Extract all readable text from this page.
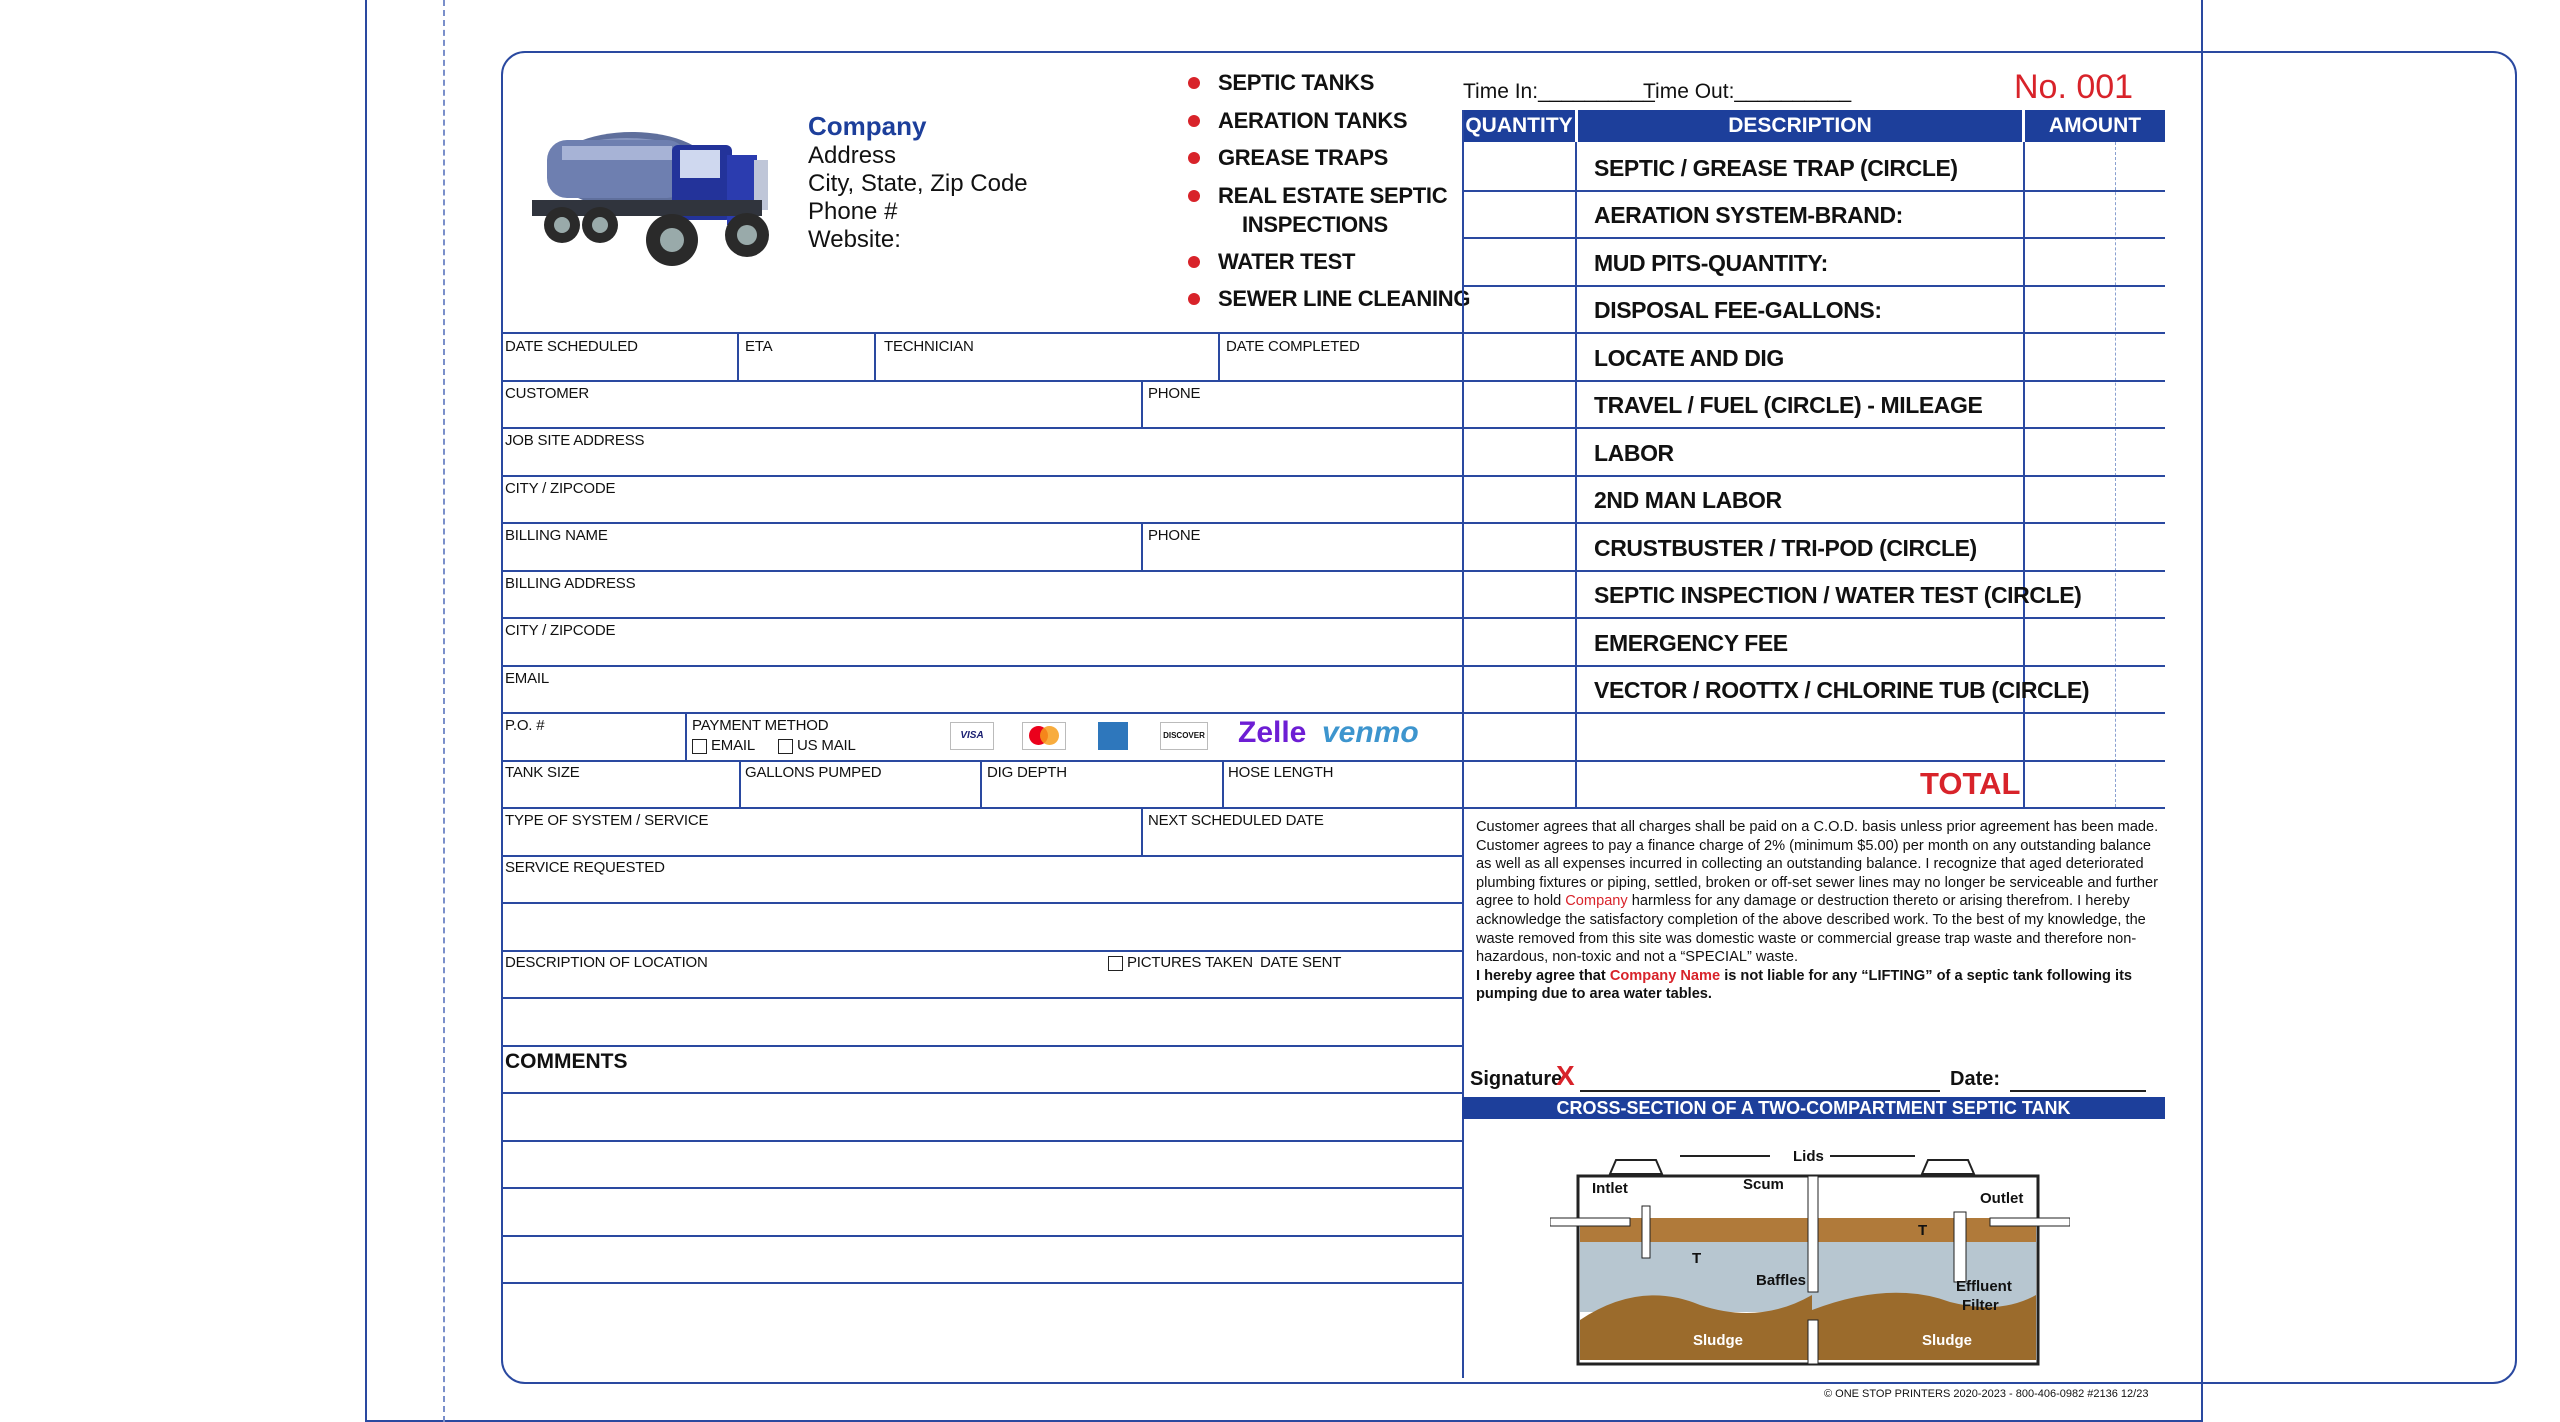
Company
Address
City, State, Zip Code
Phone #
Website:
SEPTIC TANKS
AERATION TANKS
GREASE TRAPS
REAL ESTATE SEPTIC
INSPECTIONS
WATER TEST
SEWER LINE CLEANING
Time In:__________
Time Out:__________	No. 001
QUANTITY	DESCRIPTION	AMOUNT
SEPTIC / GREASE TRAP (CIRCLE)
AERATION SYSTEM-BRAND:
MUD PITS-QUANTITY:
DISPOSAL FEE-GALLONS:
LOCATE AND DIG
TRAVEL / FUEL (CIRCLE) - MILEAGE
LABOR
2ND MAN LABOR
CRUSTBUSTER / TRI-POD (CIRCLE)
SEPTIC INSPECTION / WATER TEST (CIRCLE)
EMERGENCY FEE
VECTOR / ROOTTX / CHLORINE TUB (CIRCLE)
TOTAL
DATE SCHEDULED	ETA	TECHNICIAN	DATE COMPLETED
CUSTOMER	PHONE
JOB SITE ADDRESS
CITY / ZIPCODE
BILLING NAME	PHONE
BILLING ADDRESS
CITY / ZIPCODE
EMAIL
P.O. #	PAYMENT METHOD
EMAIL	US MAIL
VISA	DISCOVER Zelle venmo
TANK SIZE	GALLONS PUMPED	DIG DEPTH	HOSE LENGTH
TYPE OF SYSTEM / SERVICE	NEXT SCHEDULED DATE
SERVICE REQUESTED
DESCRIPTION OF LOCATION	PICTURES TAKEN DATE SENT
COMMENTS
Customer agrees that all charges shall be paid on a C.O.D. basis unless prior agreement has been made. Customer agrees to pay a finance charge of 2% (minimum $5.00) per month on any outstanding balance as well as all expenses incurred in collecting an outstanding balance. I recognize that aged deteriorated plumbing fixtures or piping, settled, broken or off-set sewer lines may no longer be serviceable and further agree to hold Company harmless for any damage or destruction thereto or arising therefrom. I hereby acknowledge the satisfactory completion of the above described work. To the best of my knowledge, the waste removed from this site was domestic waste or commercial grease trap waste and therefore non-hazardous, non-toxic and not a “SPECIAL” waste.
I hereby agree that Company Name is not liable for any “LIFTING” of a septic tank following its pumping due to area water tables.
Signature
X	Date:
CROSS-SECTION OF A TWO-COMPARTMENT SEPTIC TANK
Lids
Intlet	Scum
Outlet
T
T
Baffles	Effluent
Filter
Sludge	Sludge
© ONE STOP PRINTERS 2020-2023 - 800-406-0982 #2136 12/23
